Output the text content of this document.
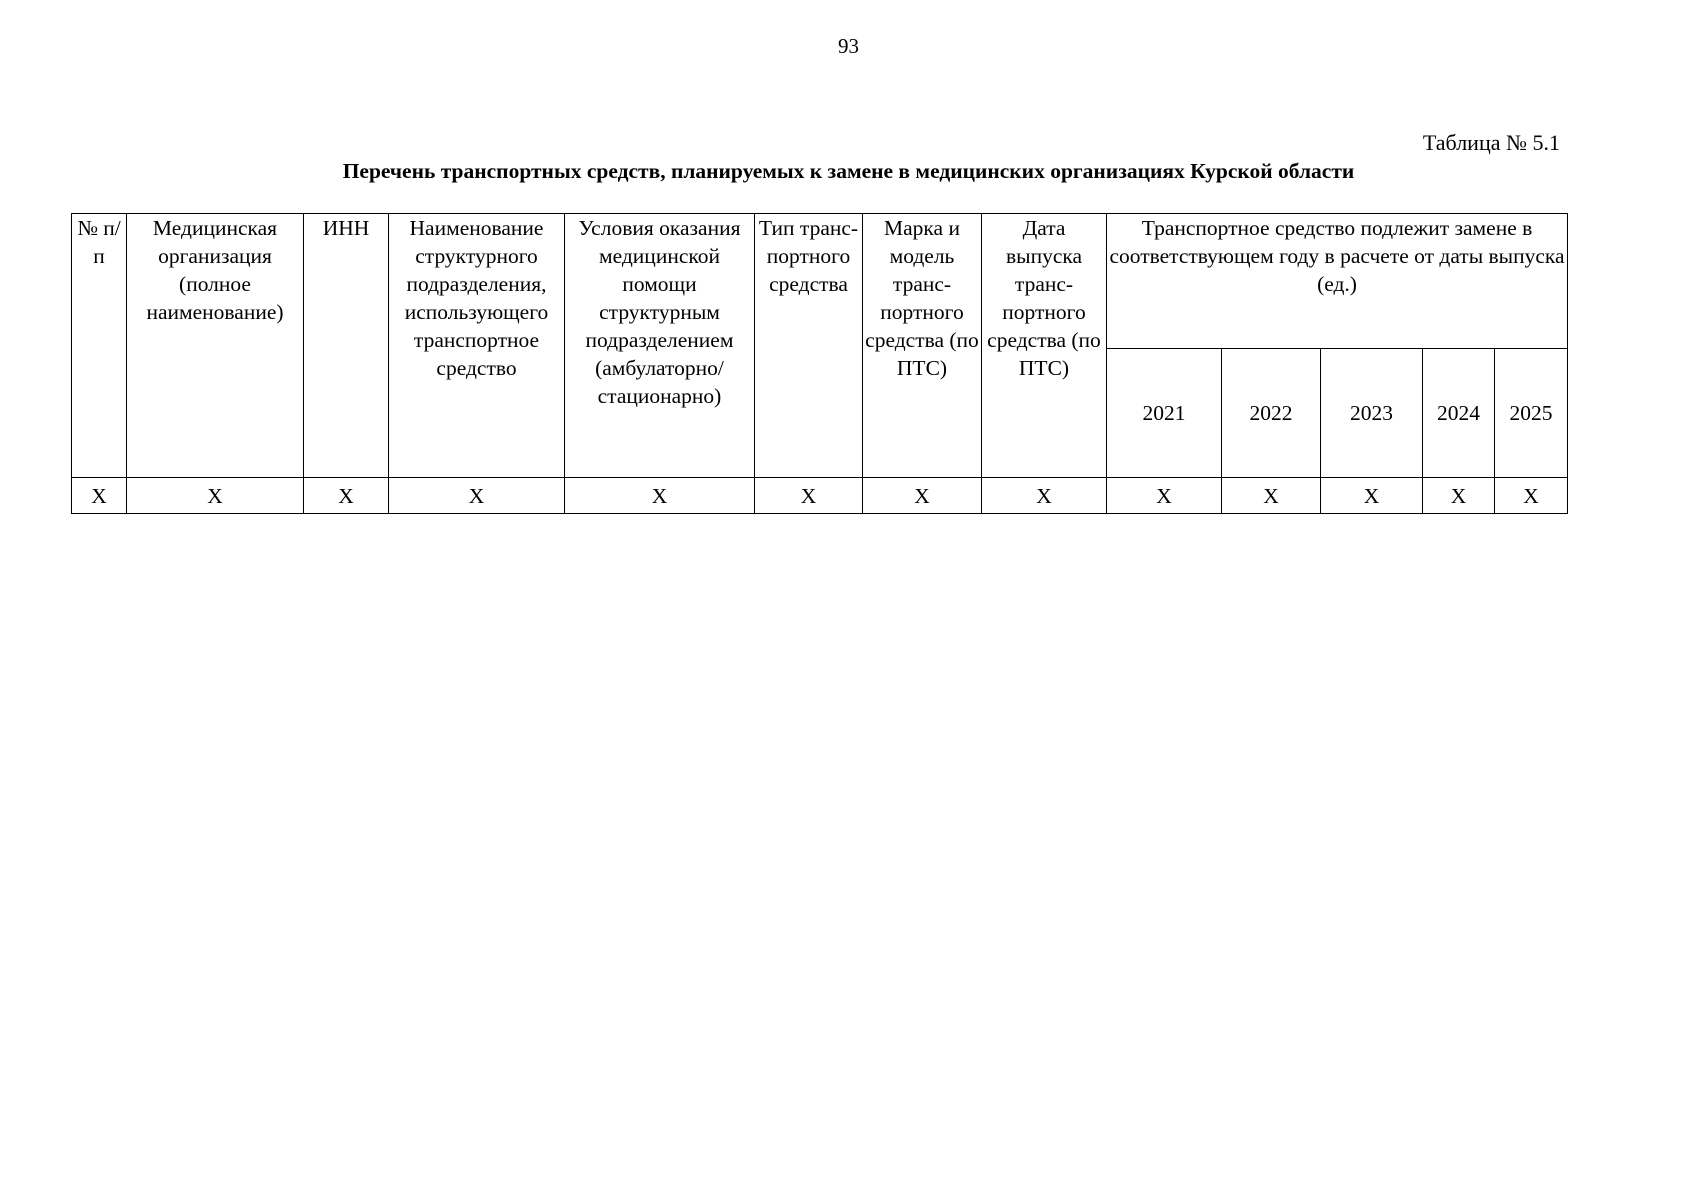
93
Таблица № 5.1
Перечень транспортных средств, планируемых к замене в медицинских организациях Курской области
№ п/п	Медицинская организация (полное наименование)	ИНН	Наименование структурного подразделения, использующего транспортное средство	Условия оказания медицинской помощи структурным подразделением (амбулаторно/ стационарно)	Тип транс-портного средства	Марка и модель транс-портного средства (по ПТС)	Дата выпуска транс-портного средства (по ПТС)	Транспортное средство подлежит замене в соответствующем году в расчете от даты выпуска (ед.)				
								2021	2022	2023	2024	2025
Х	Х	Х	Х	Х	Х	Х	Х	Х	Х	Х	Х	Х
